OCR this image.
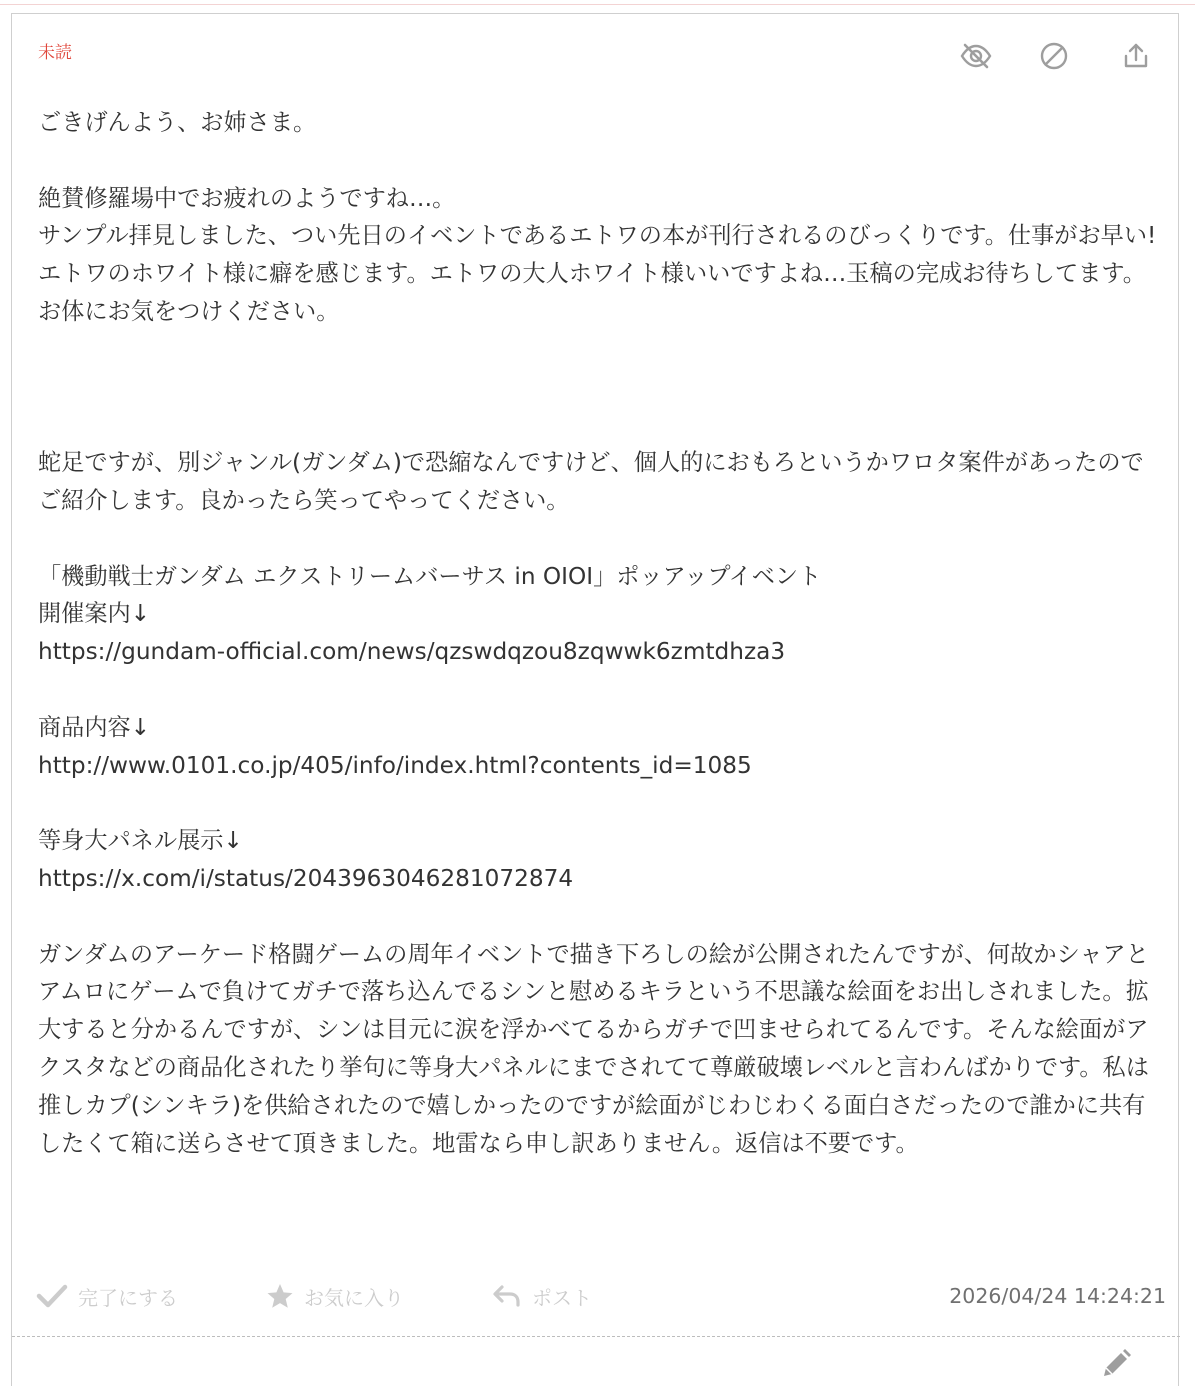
未読
ごきげんよう、お姉さま。

絶賛修羅場中でお疲れのようですね…。
サンプル拝見しました、つい先日のイベントであるエトワの本が刊行されるのびっくりです。仕事がお早い!エトワのホワイト様に癖を感じます。エトワの大人ホワイト様いいですよね…玉稿の完成お待ちしてます。お体にお気をつけください。

蛇足ですが、別ジャンル(ガンダム)で恐縮なんですけど、個人的におもろというかワロタ案件があったのでご紹介します。良かったら笑ってやってください。

「機動戦士ガンダム エクストリームバーサス in OIOI」ポッアップイベント
開催案内↓
https://gundam-official.com/news/qzswdqzou8zqwwk6zmtdhza3

商品内容↓
http://www.0101.co.jp/405/info/index.html?contents_id=1085

等身大パネル展示↓
https://x.com/i/status/2043963046281072874

ガンダムのアーケード格闘ゲームの周年イベントで描き下ろしの絵が公開されたんですが、何故かシャアとアムロにゲームで負けてガチで落ち込んでるシンと慰めるキラという不思議な絵面をお出しされました。拡大すると分かるんですが、シンは目元に涙を浮かべてるからガチで凹ませられてるんです。そんな絵面がアクスタなどの商品化されたり挙句に等身大パネルにまでされてて尊厳破壊レベルと言わんばかりです。私は推しカプ(シンキラ)を供給されたので嬉しかったのですが絵面がじわじわくる面白さだったので誰かに共有したくて箱に送らさせて頂きました。地雷なら申し訳ありません。返信は不要です。
完了にする	お気に入り	ポスト	2026/04/24 14:24:21
